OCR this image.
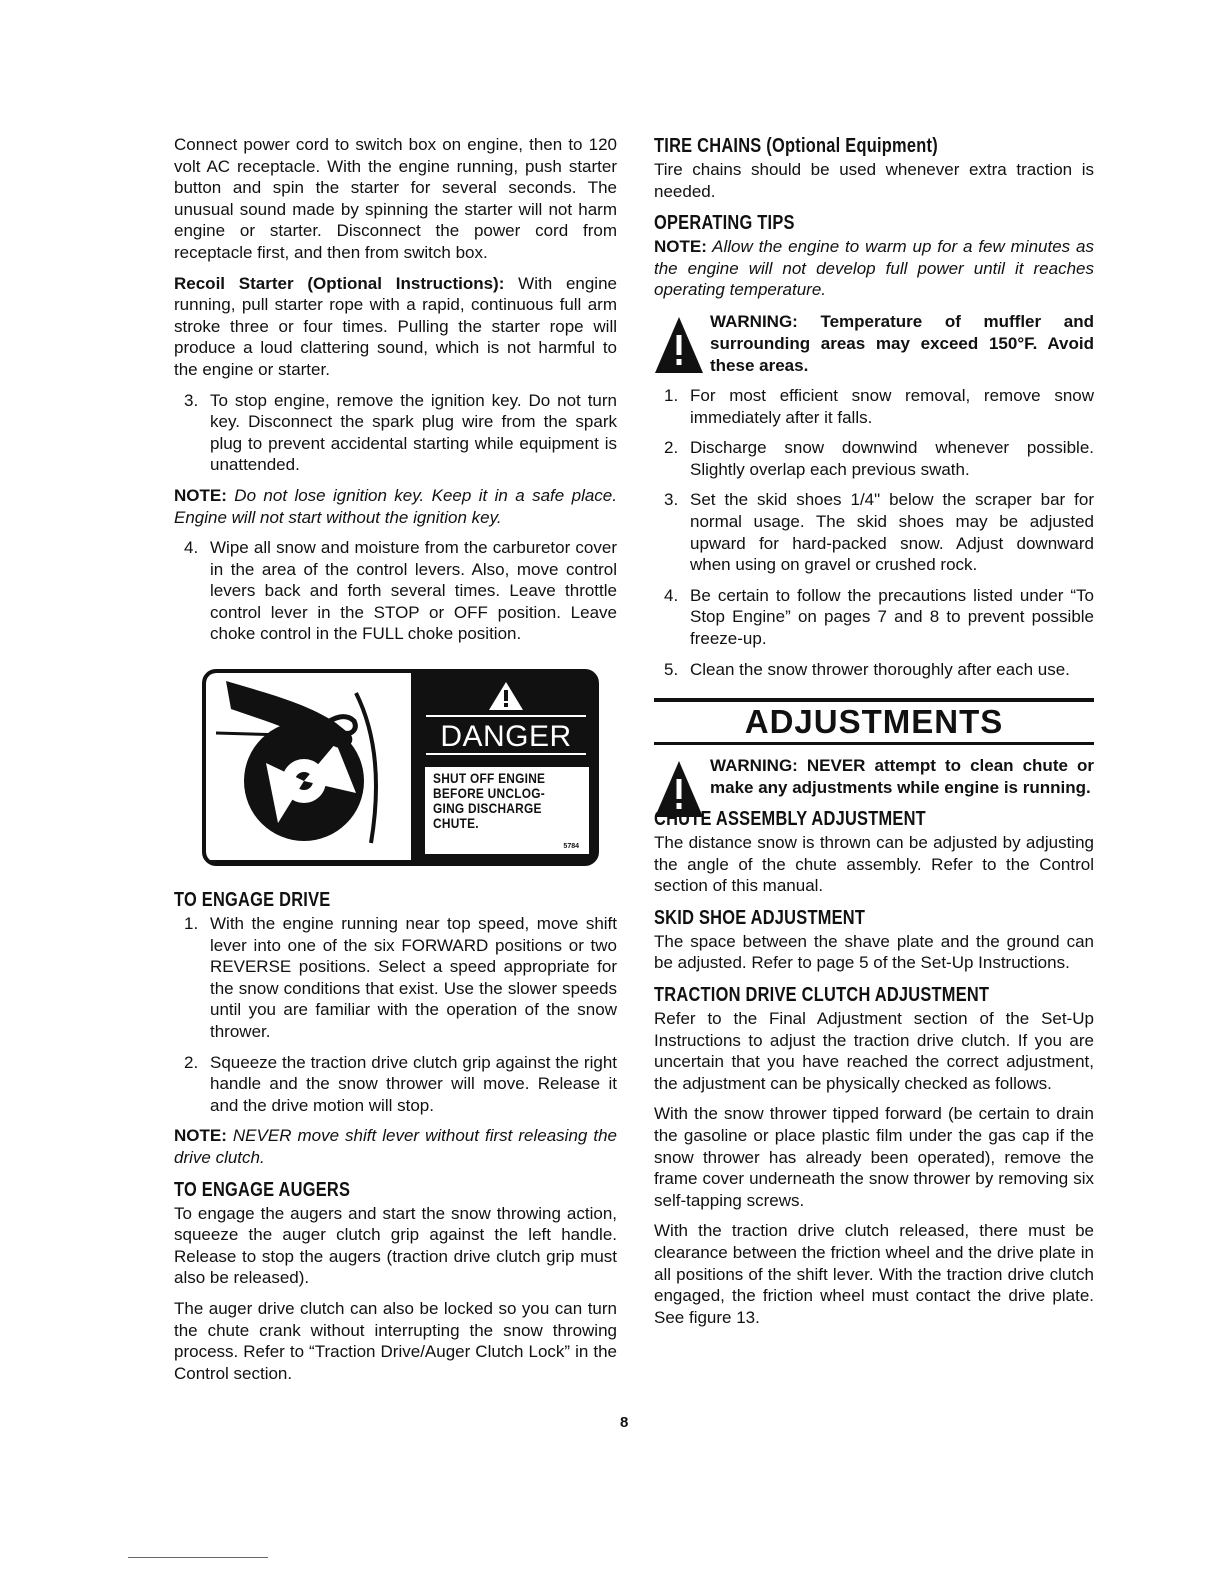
Connect power cord to switch box on engine, then to 120 volt AC receptacle. With the engine running, push starter button and spin the starter for several seconds. The unusual sound made by spinning the starter will not harm engine or starter. Disconnect the power cord from receptacle first, and then from switch box.

Recoil Starter (Optional Instructions): With engine running, pull starter rope with a rapid, continuous full arm stroke three or four times. Pulling the starter rope will produce a loud clattering sound, which is not harmful to the engine or starter.

3. To stop engine, remove the ignition key. Do not turn key. Disconnect the spark plug wire from the spark plug to prevent accidental starting while equipment is unattended.

NOTE: Do not lose ignition key. Keep it in a safe place. Engine will not start without the ignition key.

4. Wipe all snow and moisture from the carburetor cover in the area of the control levers. Also, move control levers back and forth several times. Leave throttle control lever in the STOP or OFF position. Leave choke control in the FULL choke position.
DANGER
SHUT OFF ENGINE
BEFORE UNCLOG-
GING DISCHARGE
CHUTE.
5784
TO ENGAGE DRIVE
1. With the engine running near top speed, move shift lever into one of the six FORWARD positions or two REVERSE positions. Select a speed appropriate for the snow conditions that exist. Use the slower speeds until you are familiar with the operation of the snow thrower.
2. Squeeze the traction drive clutch grip against the right handle and the snow thrower will move. Release it and the drive motion will stop.

NOTE: NEVER move shift lever without first releasing the drive clutch.

TO ENGAGE AUGERS

To engage the augers and start the snow throwing action, squeeze the auger clutch grip against the left handle. Release to stop the augers (traction drive clutch grip must also be released).

The auger drive clutch can also be locked so you can turn the chute crank without interrupting the snow throwing process. Refer to “Traction Drive/Auger Clutch Lock” in the Control section.

TIRE CHAINS (Optional Equipment)

Tire chains should be used whenever extra traction is needed.

OPERATING TIPS

NOTE: Allow the engine to warm up for a few minutes as the engine will not develop full power until it reaches operating temperature.

WARNING: Temperature of muffler and surrounding areas may exceed 150°F. Avoid these areas.
1. For most efficient snow removal, remove snow immediately after it falls.
2. Discharge snow downwind whenever possible. Slightly overlap each previous swath.
3. Set the skid shoes 1/4" below the scraper bar for normal usage. The skid shoes may be adjusted upward for hard-packed snow. Adjust downward when using on gravel or crushed rock.
4. Be certain to follow the precautions listed under “To Stop Engine” on pages 7 and 8 to prevent possible freeze-up.
5. Clean the snow thrower thoroughly after each use.
ADJUSTMENTS
WARNING: NEVER attempt to clean chute or make any adjustments while engine is running.
CHUTE ASSEMBLY ADJUSTMENT

The distance snow is thrown can be adjusted by adjusting the angle of the chute assembly. Refer to the Control section of this manual.

SKID SHOE ADJUSTMENT

The space between the shave plate and the ground can be adjusted. Refer to page 5 of the Set-Up Instructions.

TRACTION DRIVE CLUTCH ADJUSTMENT

Refer to the Final Adjustment section of the Set-Up Instructions to adjust the traction drive clutch. If you are uncertain that you have reached the correct adjustment, the adjustment can be physically checked as follows.

With the snow thrower tipped forward (be certain to drain the gasoline or place plastic film under the gas cap if the snow thrower has already been operated), remove the frame cover underneath the snow thrower by removing six self-tapping screws.

With the traction drive clutch released, there must be clearance between the friction wheel and the drive plate in all positions of the shift lever. With the traction drive clutch engaged, the friction wheel must contact the drive plate. See figure 13.

8
